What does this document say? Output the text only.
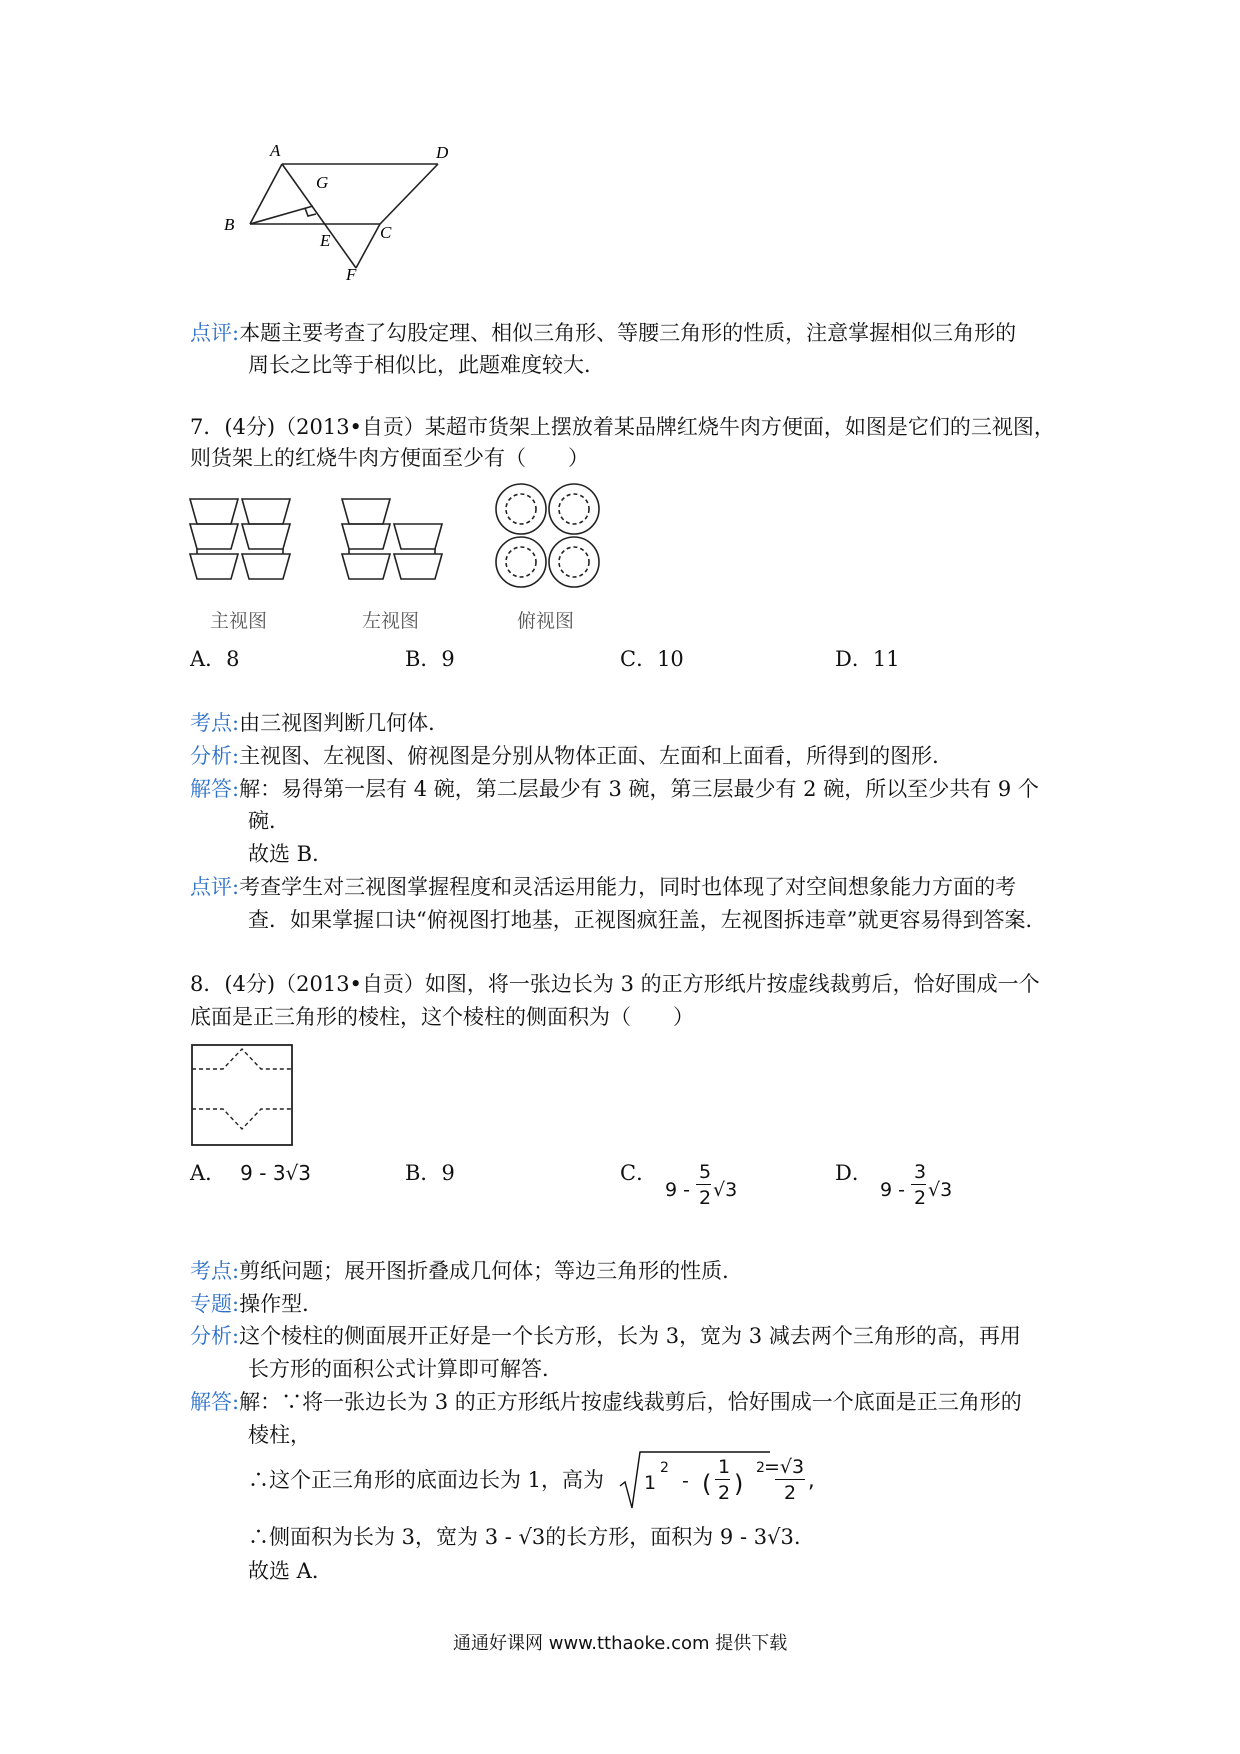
A	D
G
B
E	C
F
点评:本题主要考查了勾股定理、相似三角形、等腰三角形的性质，注意掌握相似三角形的
周长之比等于相似比，此题难度较大．
7．(4分)（2013•自贡）某超市货架上摆放着某品牌红烧牛肉方便面，如图是它们的三视图，
则货架上的红烧牛肉方便面至少有（　　）
主视图	左视图	俯视图
A．8	B．9	C．10	D．11
考点:由三视图判断几何体．
分析:主视图、左视图、俯视图是分别从物体正面、左面和上面看，所得到的图形．
解答:解：易得第一层有 4 碗，第二层最少有 3 碗，第三层最少有 2 碗，所以至少共有 9 个
碗．
故选 B．
点评:考查学生对三视图掌握程度和灵活运用能力，同时也体现了对空间想象能力方面的考
查．如果掌握口诀“俯视图打地基，正视图疯狂盖，左视图拆违章”就更容易得到答案．
8．(4分)（2013•自贡）如图，将一张边长为 3 的正方形纸片按虚线裁剪后，恰好围成一个
底面是正三角形的棱柱，这个棱柱的侧面积为（　　）
A． 9 - 3√3	B．9	C．
9 -
5
2 √3
D．
9 -
3
2 √3
考点:剪纸问题；展开图折叠成几何体；等边三角形的性质．
专题:操作型．
分析:这个棱柱的侧面展开正好是一个长方形，长为 3，宽为 3 减去两个三角形的高，再用
长方形的面积公式计算即可解答．
解答:解：∵将一张边长为 3 的正方形纸片按虚线裁剪后，恰好围成一个底面是正三角形的
棱柱，
∴这个正三角形的底面边长为 1，高为 1
2
- (
1
2 )
2 =√3
2
,
∴侧面积为长为 3，宽为 3 - √3的长方形，面积为 9 - 3√3.
故选 A．
通通好课网 www.tthaoke.com 提供下载
